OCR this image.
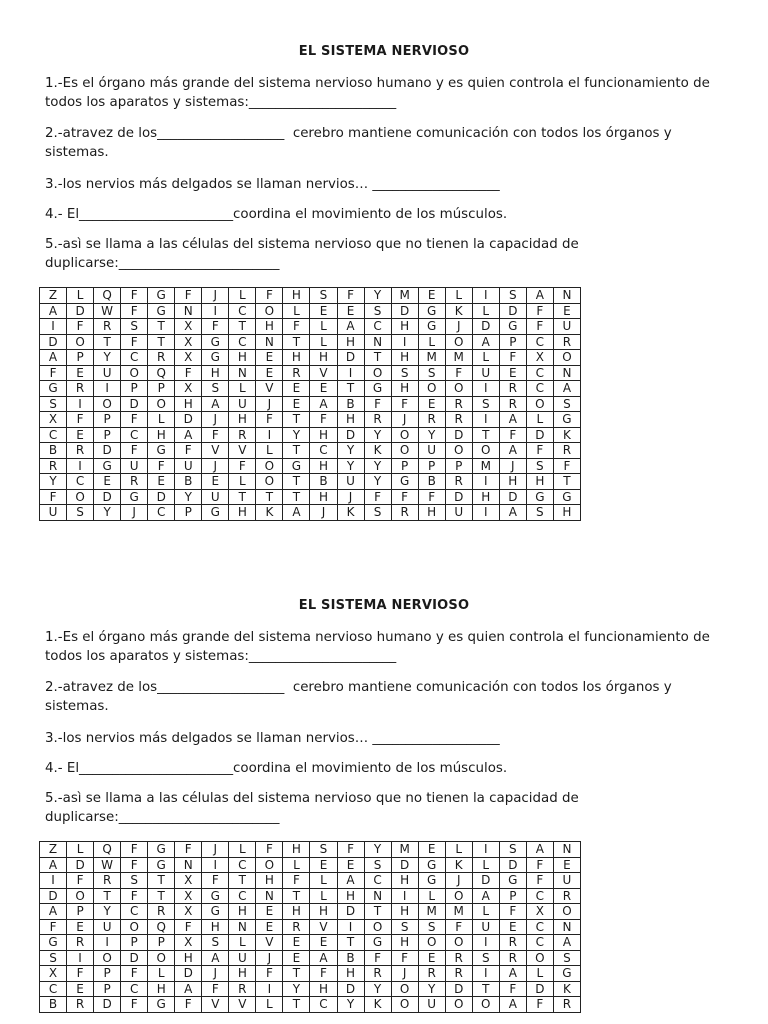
EL SISTEMA NERVIOSO
1.-Es el órgano más grande del sistema nervioso humano y es quien controla el funcionamiento de todos los aparatos y sistemas:______________________
2.-atravez de los___________________  cerebro mantiene comunicación con todos los órganos y sistemas.
3.-los nervios más delgados se llaman nervios… ___________________
4.- El_______________________coordina el movimiento de los músculos.
5.-asì se llama a las células del sistema nervioso que no tienen la capacidad de duplicarse:________________________
Z	L	Q	F	G	F	J	L	F	H	S	F	Y	M	E	L	I	S	A	N
A	D	W	F	G	N	I	C	O	L	E	E	S	D	G	K	L	D	F	E
I	F	R	S	T	X	F	T	H	F	L	A	C	H	G	J	D	G	F	U
D	O	T	F	T	X	G	C	N	T	L	H	N	I	L	O	A	P	C	R
A	P	Y	C	R	X	G	H	E	H	H	D	T	H	M	M	L	F	X	O
F	E	U	O	Q	F	H	N	E	R	V	I	O	S	S	F	U	E	C	N
G	R	I	P	P	X	S	L	V	E	E	T	G	H	O	O	I	R	C	A
S	I	O	D	O	H	A	U	J	E	A	B	F	F	E	R	S	R	O	S
X	F	P	F	L	D	J	H	F	T	F	H	R	J	R	R	I	A	L	G
C	E	P	C	H	A	F	R	I	Y	H	D	Y	O	Y	D	T	F	D	K
B	R	D	F	G	F	V	V	L	T	C	Y	K	O	U	O	O	A	F	R
R	I	G	U	F	U	J	F	O	G	H	Y	Y	P	P	P	M	J	S	F
Y	C	E	R	E	B	E	L	O	T	B	U	Y	G	B	R	I	H	H	T
F	O	D	G	D	Y	U	T	T	T	H	J	F	F	F	D	H	D	G	G
U	S	Y	J	C	P	G	H	K	A	J	K	S	R	H	U	I	A	S	H
EL SISTEMA NERVIOSO
1.-Es el órgano más grande del sistema nervioso humano y es quien controla el funcionamiento de todos los aparatos y sistemas:______________________
2.-atravez de los___________________  cerebro mantiene comunicación con todos los órganos y sistemas.
3.-los nervios más delgados se llaman nervios… ___________________
4.- El_______________________coordina el movimiento de los músculos.
5.-asì se llama a las células del sistema nervioso que no tienen la capacidad de duplicarse:________________________
Z	L	Q	F	G	F	J	L	F	H	S	F	Y	M	E	L	I	S	A	N
A	D	W	F	G	N	I	C	O	L	E	E	S	D	G	K	L	D	F	E
I	F	R	S	T	X	F	T	H	F	L	A	C	H	G	J	D	G	F	U
D	O	T	F	T	X	G	C	N	T	L	H	N	I	L	O	A	P	C	R
A	P	Y	C	R	X	G	H	E	H	H	D	T	H	M	M	L	F	X	O
F	E	U	O	Q	F	H	N	E	R	V	I	O	S	S	F	U	E	C	N
G	R	I	P	P	X	S	L	V	E	E	T	G	H	O	O	I	R	C	A
S	I	O	D	O	H	A	U	J	E	A	B	F	F	E	R	S	R	O	S
X	F	P	F	L	D	J	H	F	T	F	H	R	J	R	R	I	A	L	G
C	E	P	C	H	A	F	R	I	Y	H	D	Y	O	Y	D	T	F	D	K
B	R	D	F	G	F	V	V	L	T	C	Y	K	O	U	O	O	A	F	R
